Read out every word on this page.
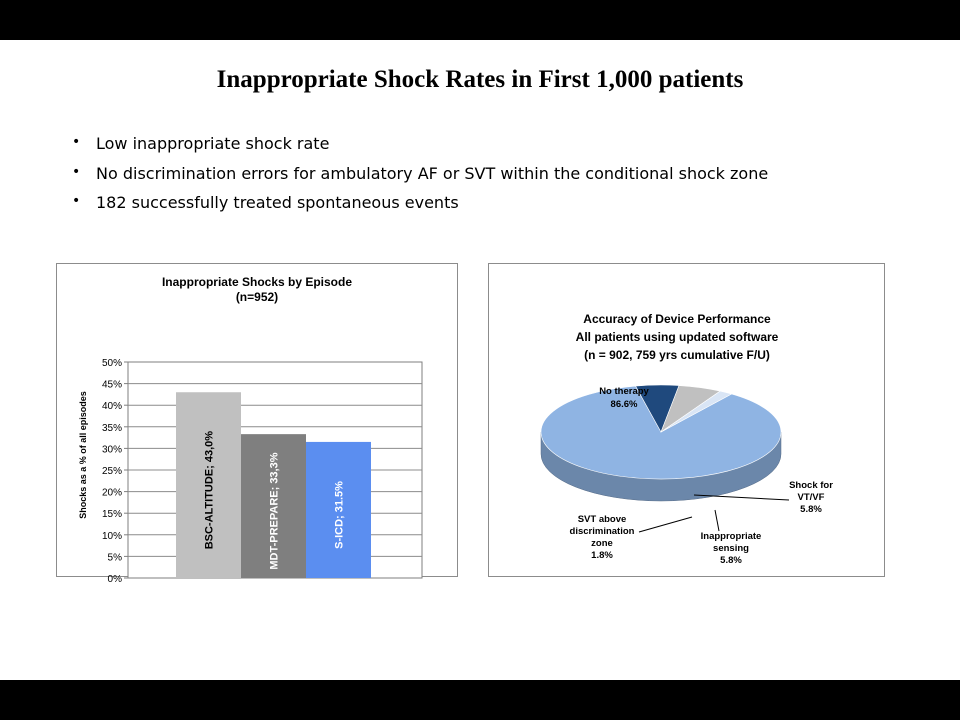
Inappropriate Shock Rates in First 1,000 patients
• Low inappropriate shock rate
• No discrimination errors for ambulatory AF or SVT within the conditional shock zone
• 182 successfully treated spontaneous events
Inappropriate Shocks by Episode
(n=952)
0%
5%
10%
15%
20%
25%
30%
35%
40%
45%
50%
BSC-ALTITUDE; 43,0%	MDT-PREPARE; 33,3%	S-ICD; 31.5%
Shocks as a % of all episodes
Accuracy of Device Performance
All patients using updated software
(n = 902, 759 yrs cumulative F/U)
No therapy
86.6%
Shock for
VT/VF
5.8%
Inappropriate
sensing
5.8%
SVT above
discrimination
zone
1.8%
